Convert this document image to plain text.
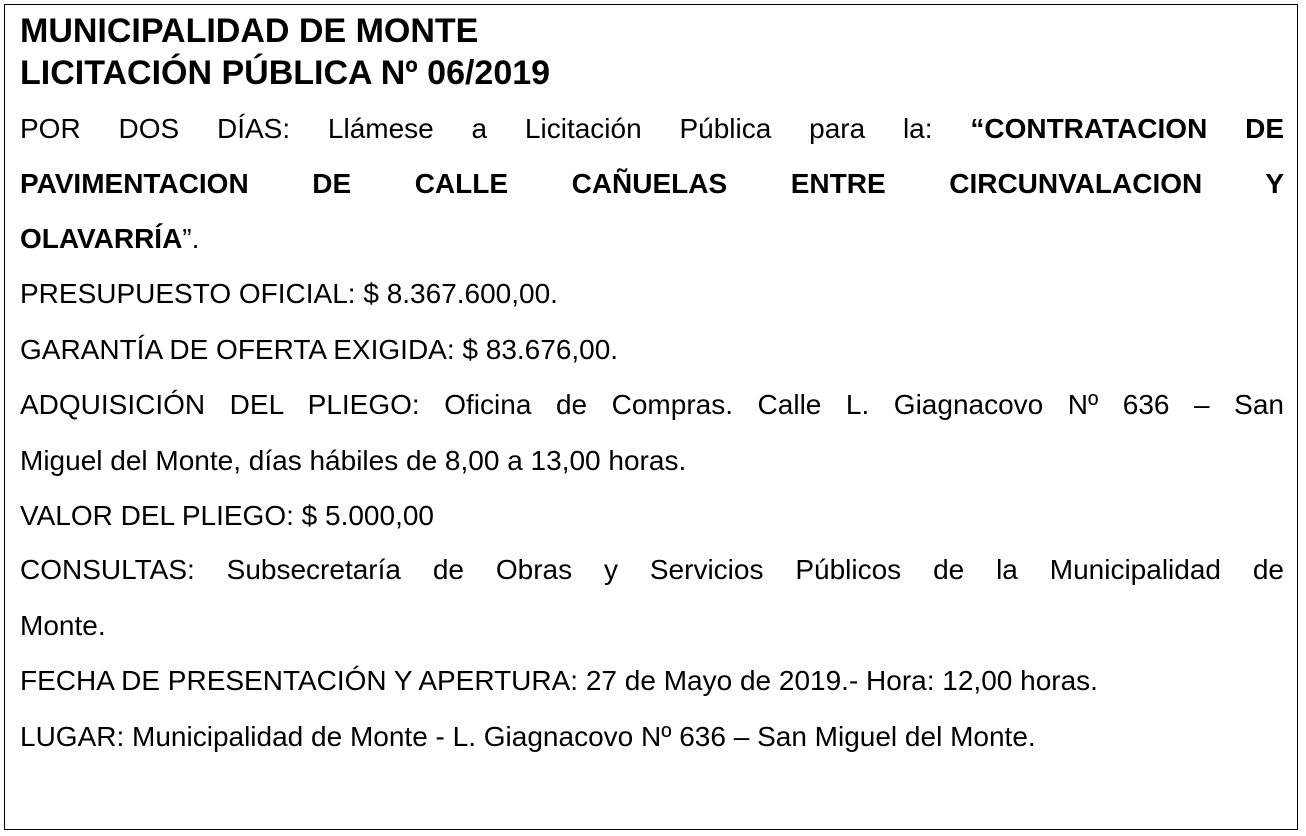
MUNICIPALIDAD DE MONTE
LICITACIÓN PÚBLICA Nº 06/2019
POR DOS DÍAS: Llámese a Licitación Pública para la: “CONTRATACION DE
PAVIMENTACION DE CALLE CAÑUELAS ENTRE CIRCUNVALACION Y
OLAVARRÍA”.
PRESUPUESTO OFICIAL: $ 8.367.600,00.
GARANTÍA DE OFERTA EXIGIDA: $ 83.676,00.
ADQUISICIÓN DEL PLIEGO: Oficina de Compras. Calle L. Giagnacovo Nº 636 – San
Miguel del Monte, días hábiles de 8,00 a 13,00 horas.
VALOR DEL PLIEGO: $ 5.000,00
CONSULTAS: Subsecretaría de Obras y Servicios Públicos de la Municipalidad de
Monte.
FECHA DE PRESENTACIÓN Y APERTURA: 27 de Mayo de 2019.- Hora: 12,00 horas.
LUGAR: Municipalidad de Monte - L. Giagnacovo Nº 636 – San Miguel del Monte.
